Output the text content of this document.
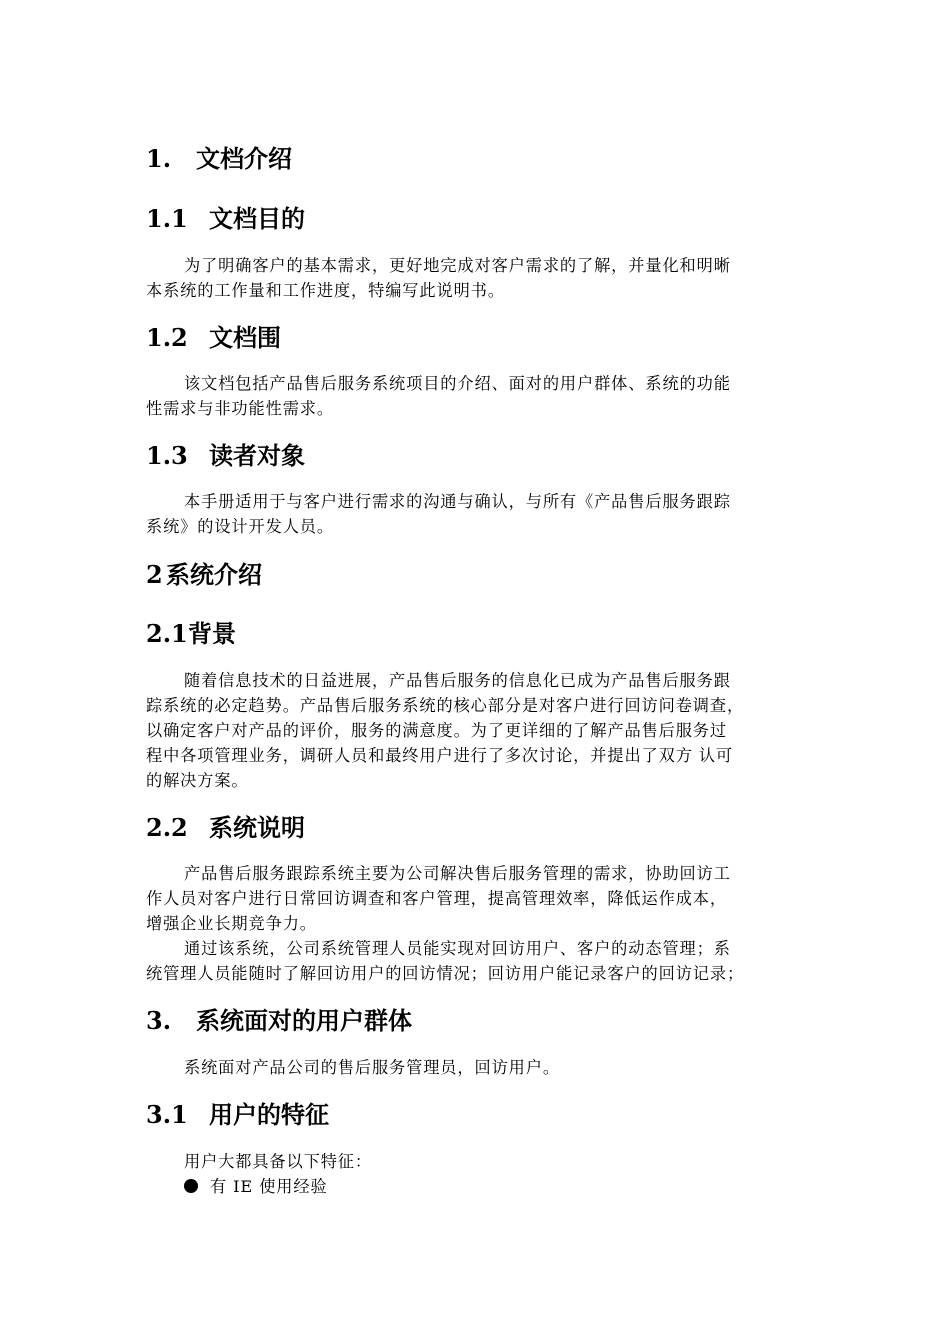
1. 文档介绍
1.1 文档目的
为了明确客户的基本需求，更好地完成对客户需求的了解，并量化和明晰
本系统的工作量和工作进度，特编写此说明书。
1.2 文档围
该文档包括产品售后服务系统项目的介绍、面对的用户群体、系统的功能
性需求与非功能性需求。
1.3 读者对象
本手册适用于与客户进行需求的沟通与确认，与所有《产品售后服务跟踪
系统》的设计开发人员。
2 系统介绍
2.1背景
随着信息技术的日益进展，产品售后服务的信息化已成为产品售后服务跟
踪系统的必定趋势。产品售后服务系统的核心部分是对客户进行回访问卷调查，
以确定客户对产品的评价，服务的满意度。为了更详细的了解产品售后服务过
程中各项管理业务，调研人员和最终用户进行了多次讨论，并提出了双方 认可
的解决方案。
2.2 系统说明
产品售后服务跟踪系统主要为公司解决售后服务管理的需求，协助回访工
作人员对客户进行日常回访调查和客户管理，提高管理效率，降低运作成本，
增强企业长期竞争力。
通过该系统，公司系统管理人员能实现对回访用户、客户的动态管理；系
统管理人员能随时了解回访用户的回访情况；回访用户能记录客户的回访记录；
3. 系统面对的用户群体
系统面对产品公司的售后服务管理员，回访用户。
3.1 用户的特征
用户大都具备以下特征：
有 IE 使用经验
